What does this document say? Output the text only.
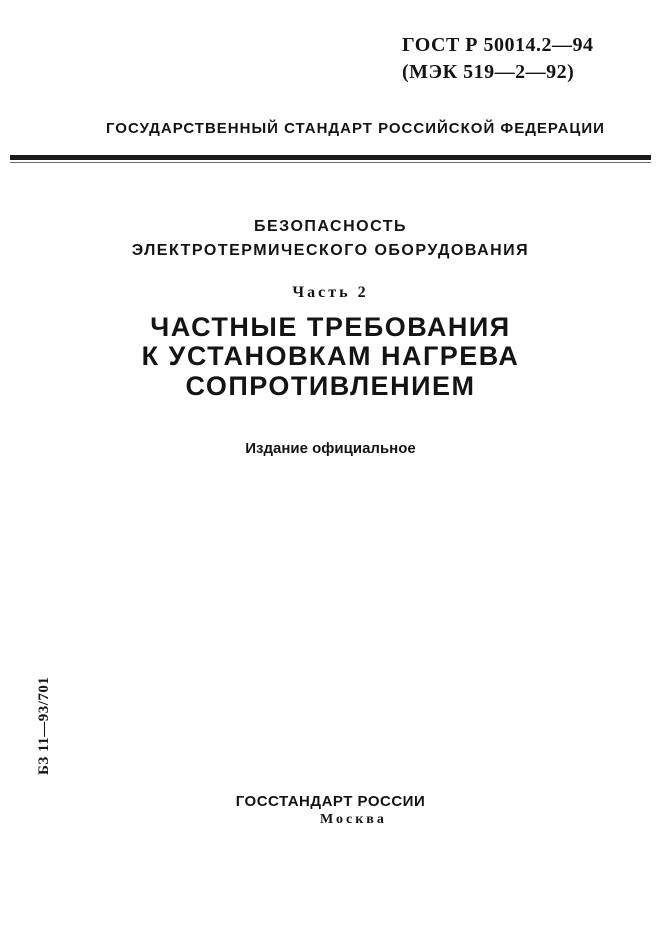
ГОСТ Р 50014.2—94
(МЭК 519—2—92)
ГОСУДАРСТВЕННЫЙ СТАНДАРТ РОССИЙСКОЙ ФЕДЕРАЦИИ
БЕЗОПАСНОСТЬ
ЭЛЕКТРОТЕРМИЧЕСКОГО ОБОРУДОВАНИЯ
Часть 2
ЧАСТНЫЕ ТРЕБОВАНИЯ
К УСТАНОВКАМ НАГРЕВА
СОПРОТИВЛЕНИЕМ
Издание официальное
БЗ 11—93/701
ГОССТАНДАРТ РОССИИ
Москва
